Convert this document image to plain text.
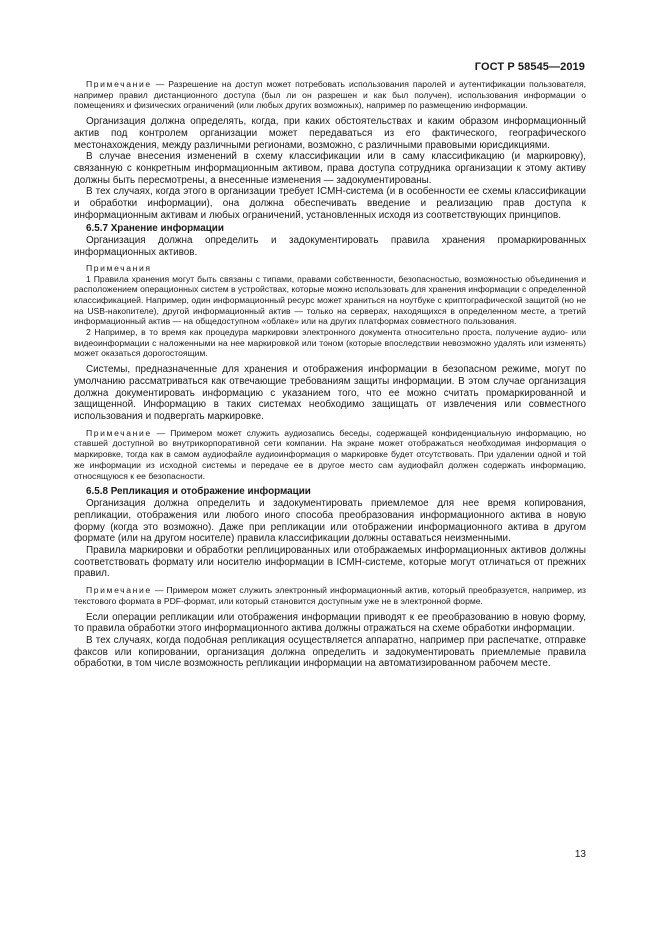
ГОСТ Р 58545—2019

Примечание — Разрешение на доступ может потребовать использования паролей и аутентификации пользователя, например правил дистанционного доступа (был ли он разрешен и как был получен), использования информации о помещениях и физических ограничений (или любых других возможных), например по размещению информации.

Организация должна определять, когда, при каких обстоятельствах и каким образом информационный актив под контролем организации может передаваться из его фактического, географического местонахождения, между различными регионами, возможно, с различными правовыми юрисдикциями.

В случае внесения изменений в схему классификации или в саму классификацию (и маркировку), связанную с конкретным информационным активом, права доступа сотрудника организации к этому активу должны быть пересмотрены, а внесенные изменения — задокументированы.

В тех случаях, когда этого в организации требует ICMH-система (и в особенности ее схемы классификации и обработки информации), она должна обеспечивать введение и реализацию прав доступа к информационным активам и любых ограничений, установленных исходя из соответствующих принципов.

6.5.7 Хранение информации

Организация должна определить и задокументировать правила хранения промаркированных информационных активов.

Примечания

1 Правила хранения могут быть связаны с типами, правами собственности, безопасностью, возможностью объединения и расположением операционных систем в устройствах, которые можно использовать для хранения информации с определенной классификацией. Например, один информационный ресурс может храниться на ноутбуке с криптографической защитой (но не на USB-накопителе), другой информационный актив — только на серверах, находящихся в определенном месте, а третий информационный актив — на общедоступном «облаке» или на других платформах совместного пользования.

2 Например, в то время как процедура маркировки электронного документа относительно проста, получение аудио- или видеоинформации с наложенными на нее маркировкой или тоном (которые впоследствии невозможно удалять или изменять) может оказаться дорогостоящим.

Системы, предназначенные для хранения и отображения информации в безопасном режиме, могут по умолчанию рассматриваться как отвечающие требованиям защиты информации. В этом случае организация должна документировать информацию с указанием того, что ее можно считать промаркированной и защищенной. Информацию в таких системах необходимо защищать от извлечения или совместного использования и подвергать маркировке.

Примечание — Примером может служить аудиозапись беседы, содержащей конфиденциальную информацию, но ставшей доступной во внутрикорпоративной сети компании. На экране может отображаться необходимая информация о маркировке, тогда как в самом аудиофайле аудиоинформация о маркировке будет отсутствовать. При удалении одной и той же информации из исходной системы и передаче ее в другое место сам аудиофайл должен содержать информацию, относящуюся к ее безопасности.

6.5.8 Репликация и отображение информации

Организация должна определить и задокументировать приемлемое для нее время копирования, репликации, отображения или любого иного способа преобразования информационного актива в новую форму (когда это возможно). Даже при репликации или отображении информационного актива в другом формате (или на другом носителе) правила классификации должны оставаться неизменными.

Правила маркировки и обработки реплицированных или отображаемых информационных активов должны соответствовать формату или носителю информации в ICMH-системе, которые могут отличаться от прежних правил.

Примечание — Примером может служить электронный информационный актив, который преобразуется, например, из текстового формата в PDF-формат, или который становится доступным уже не в электронной форме.

Если операции репликации или отображения информации приводят к ее преобразованию в новую форму, то правила обработки этого информационного актива должны отражаться на схеме обработки информации.

В тех случаях, когда подобная репликация осуществляется аппаратно, например при распечатке, отправке факсов или копировании, организация должна определить и задокументировать приемлемые правила обработки, в том числе возможность репликации информации на автоматизированном рабочем месте.

13
